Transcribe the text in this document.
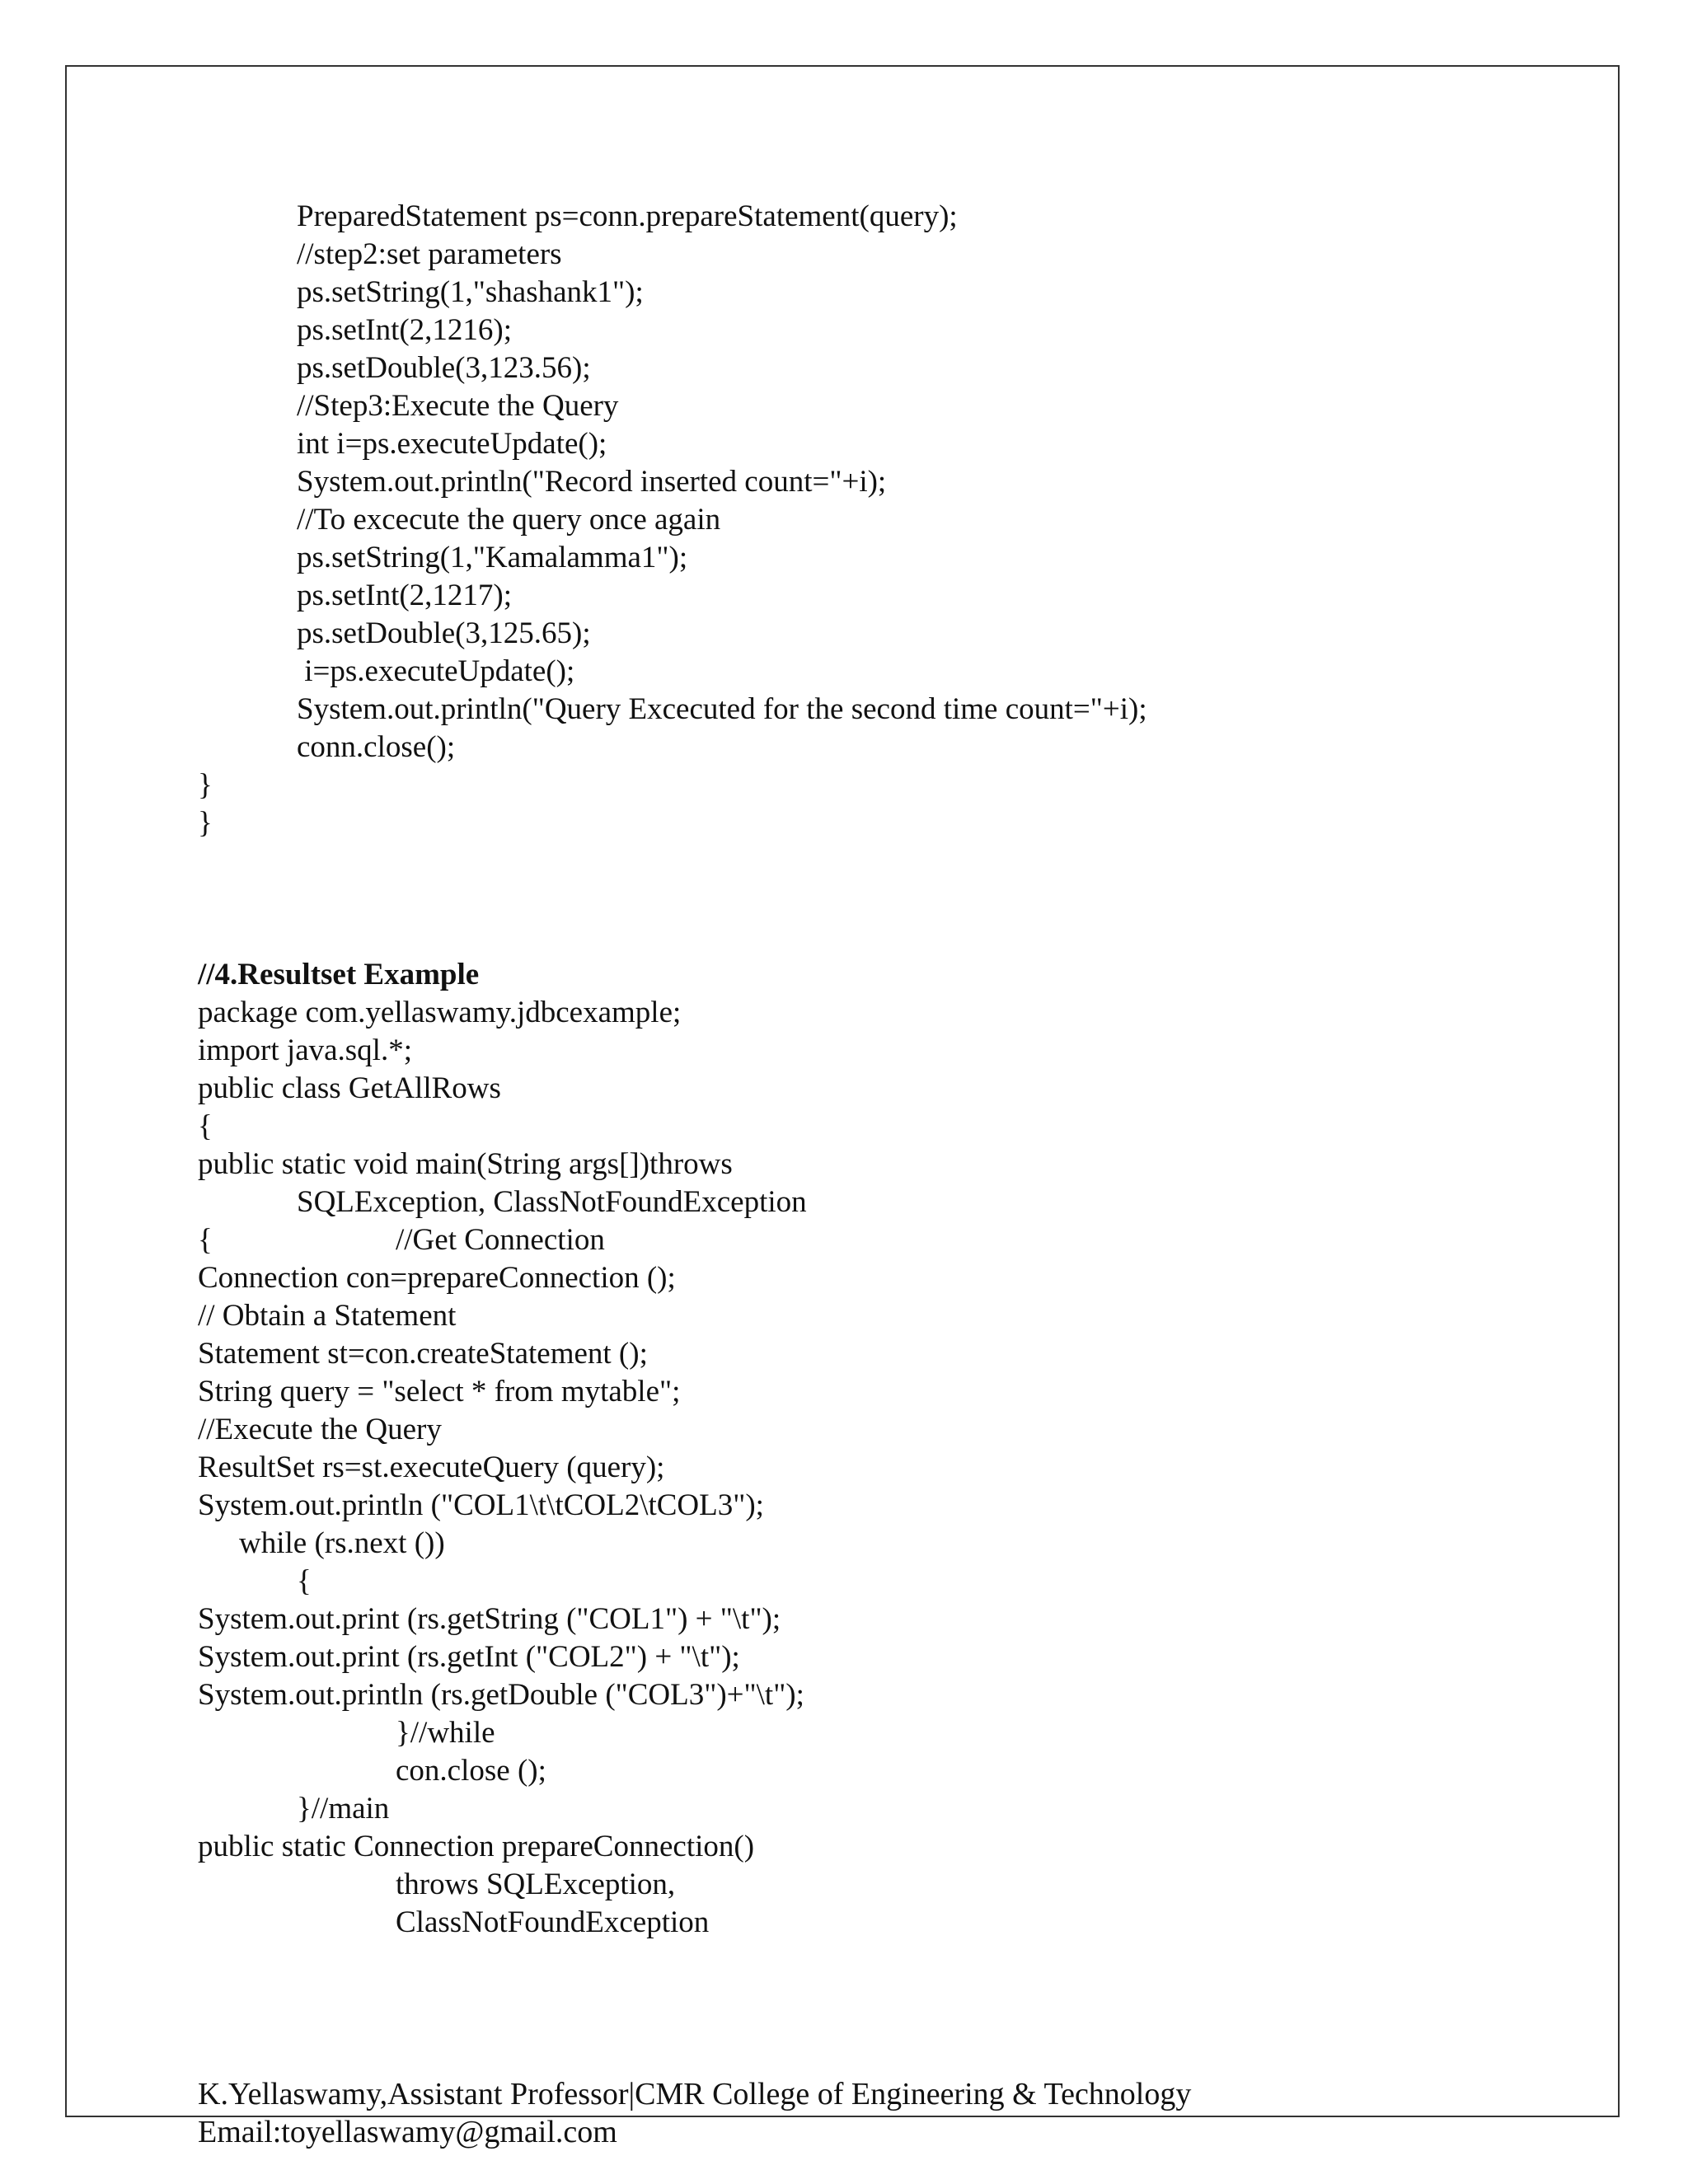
PreparedStatement ps=conn.prepareStatement(query);
//step2:set parameters
ps.setString(1,"shashank1");
ps.setInt(2,1216);
ps.setDouble(3,123.56);
//Step3:Execute the Query
int i=ps.executeUpdate();
System.out.println("Record inserted count="+i);
//To excecute the query once again
ps.setString(1,"Kamalamma1");
ps.setInt(2,1217);
ps.setDouble(3,125.65);
i=ps.executeUpdate();
System.out.println("Query Excecuted for the second time count="+i);
conn.close();
}
}
//4.Resultset Example
package com.yellaswamy.jdbcexample;
import java.sql.*;
public class GetAllRows
{
public static void main(String args[])throws
SQLException, ClassNotFoundException
{	//Get Connection
Connection con=prepareConnection ();
// Obtain a Statement
Statement st=con.createStatement ();
String query = "select * from mytable";
//Execute the Query
ResultSet rs=st.executeQuery (query);
System.out.println ("COL1\t\tCOL2\tCOL3");
while (rs.next ())
{
System.out.print (rs.getString ("COL1") + "\t");
System.out.print (rs.getInt ("COL2") + "\t");
System.out.println (rs.getDouble ("COL3")+"\t");
}//while
con.close ();
}//main
public static Connection prepareConnection()
throws SQLException,
ClassNotFoundException
K.Yellaswamy,Assistant Professor|CMR College of Engineering & Technology
Email:toyellaswamy@gmail.com
